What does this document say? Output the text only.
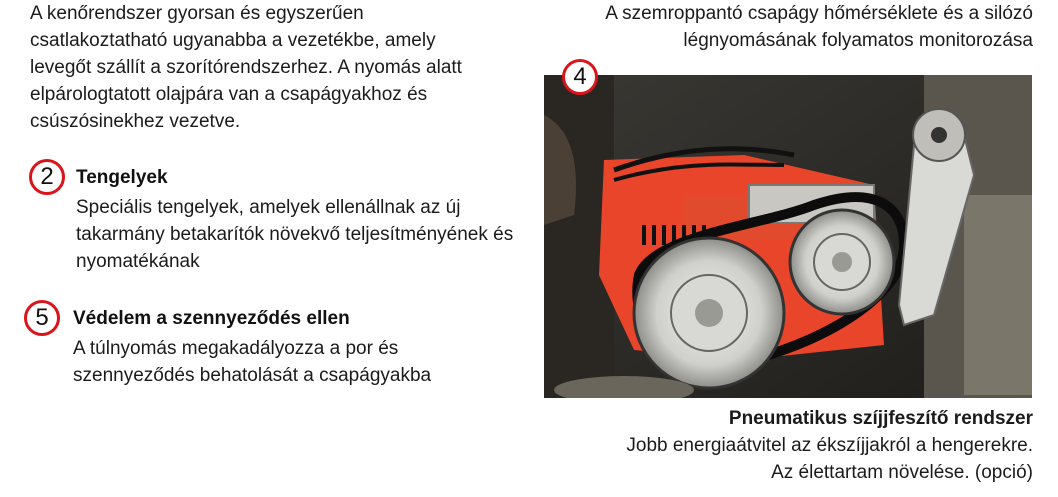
A kenőrendszer gyorsan és egyszerűen
csatlakoztatható ugyanabba a vezetékbe, amely
levegőt szállít a szorítórendszerhez. A nyomás alatt
elpárologtatott olajpára van a csapágyakhoz és
csúszósinekhez vezetve.
2 Tengelyek
Speciális tengelyek, amelyek ellenállnak az új
takarmány betakarítók növekvő teljesítményének és
nyomatékának
5 Védelem a szennyeződés ellen
A túlnyomás megakadályozza a por és
szennyeződés behatolását a csapágyakba
A szemroppantó csapágy hőmérséklete és a silózó
légnyomásának folyamatos monitorozása
4
Pneumatikus szíjjfeszítő rendszer
Jobb energiaátvitel az ékszíjjakról a hengerekre.
Az élettartam növelése. (opció)
